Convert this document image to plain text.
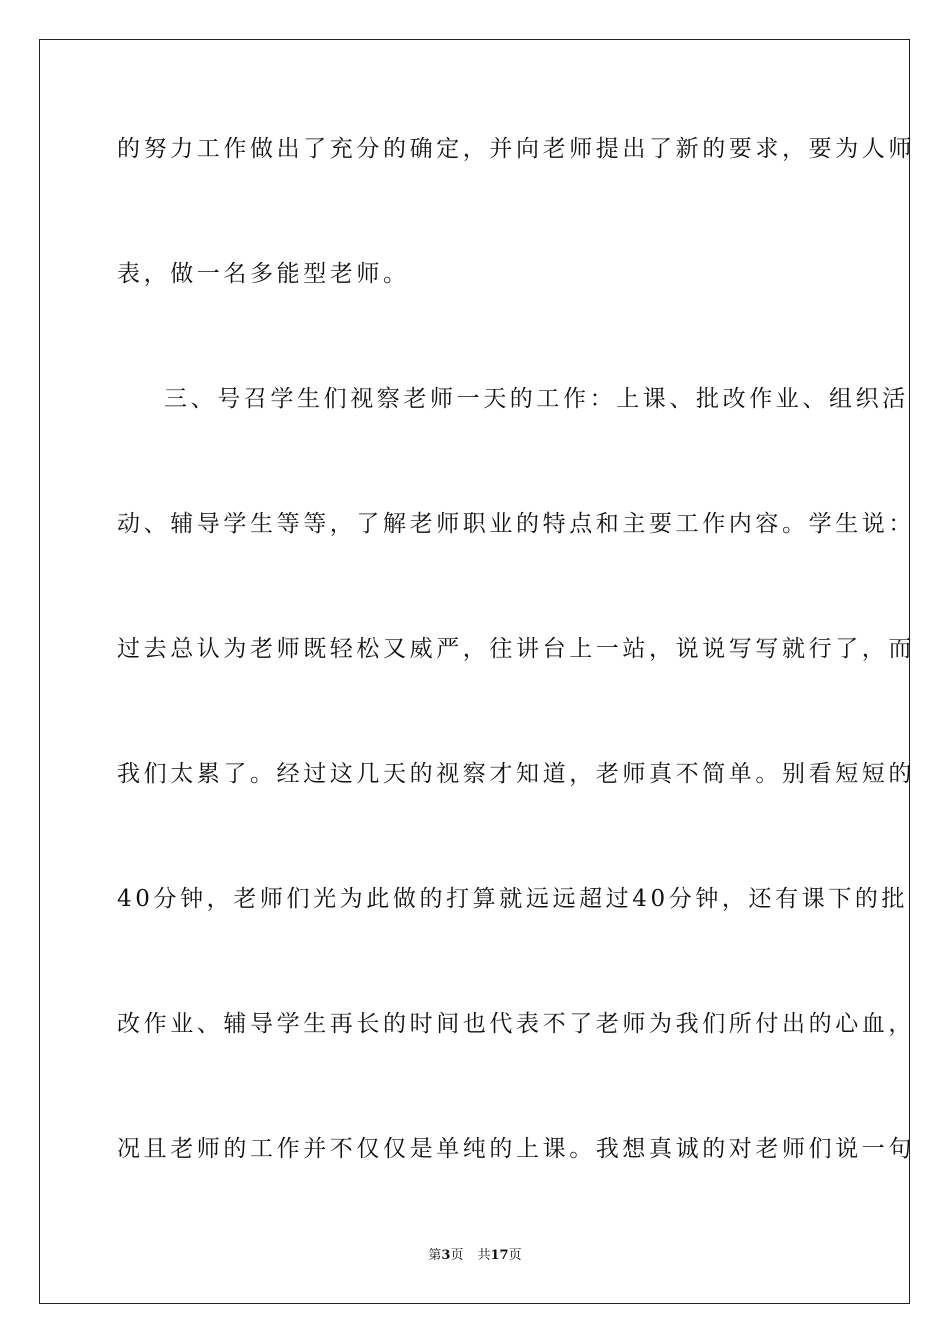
的努力工作做出了充分的确定，并向老师提出了新的要求，要为人师
表，做一名多能型老师。
三、号召学生们视察老师一天的工作：上课、批改作业、组织活
动、辅导学生等等，了解老师职业的特点和主要工作内容。学生说：
过去总认为老师既轻松又威严，往讲台上一站，说说写写就行了，而
我们太累了。经过这几天的视察才知道，老师真不简单。别看短短的
40分钟，老师们光为此做的打算就远远超过40分钟，还有课下的批
改作业、辅导学生再长的时间也代表不了老师为我们所付出的心血，
况且老师的工作并不仅仅是单纯的上课。我想真诚的对老师们说一句
第3页 共17页
